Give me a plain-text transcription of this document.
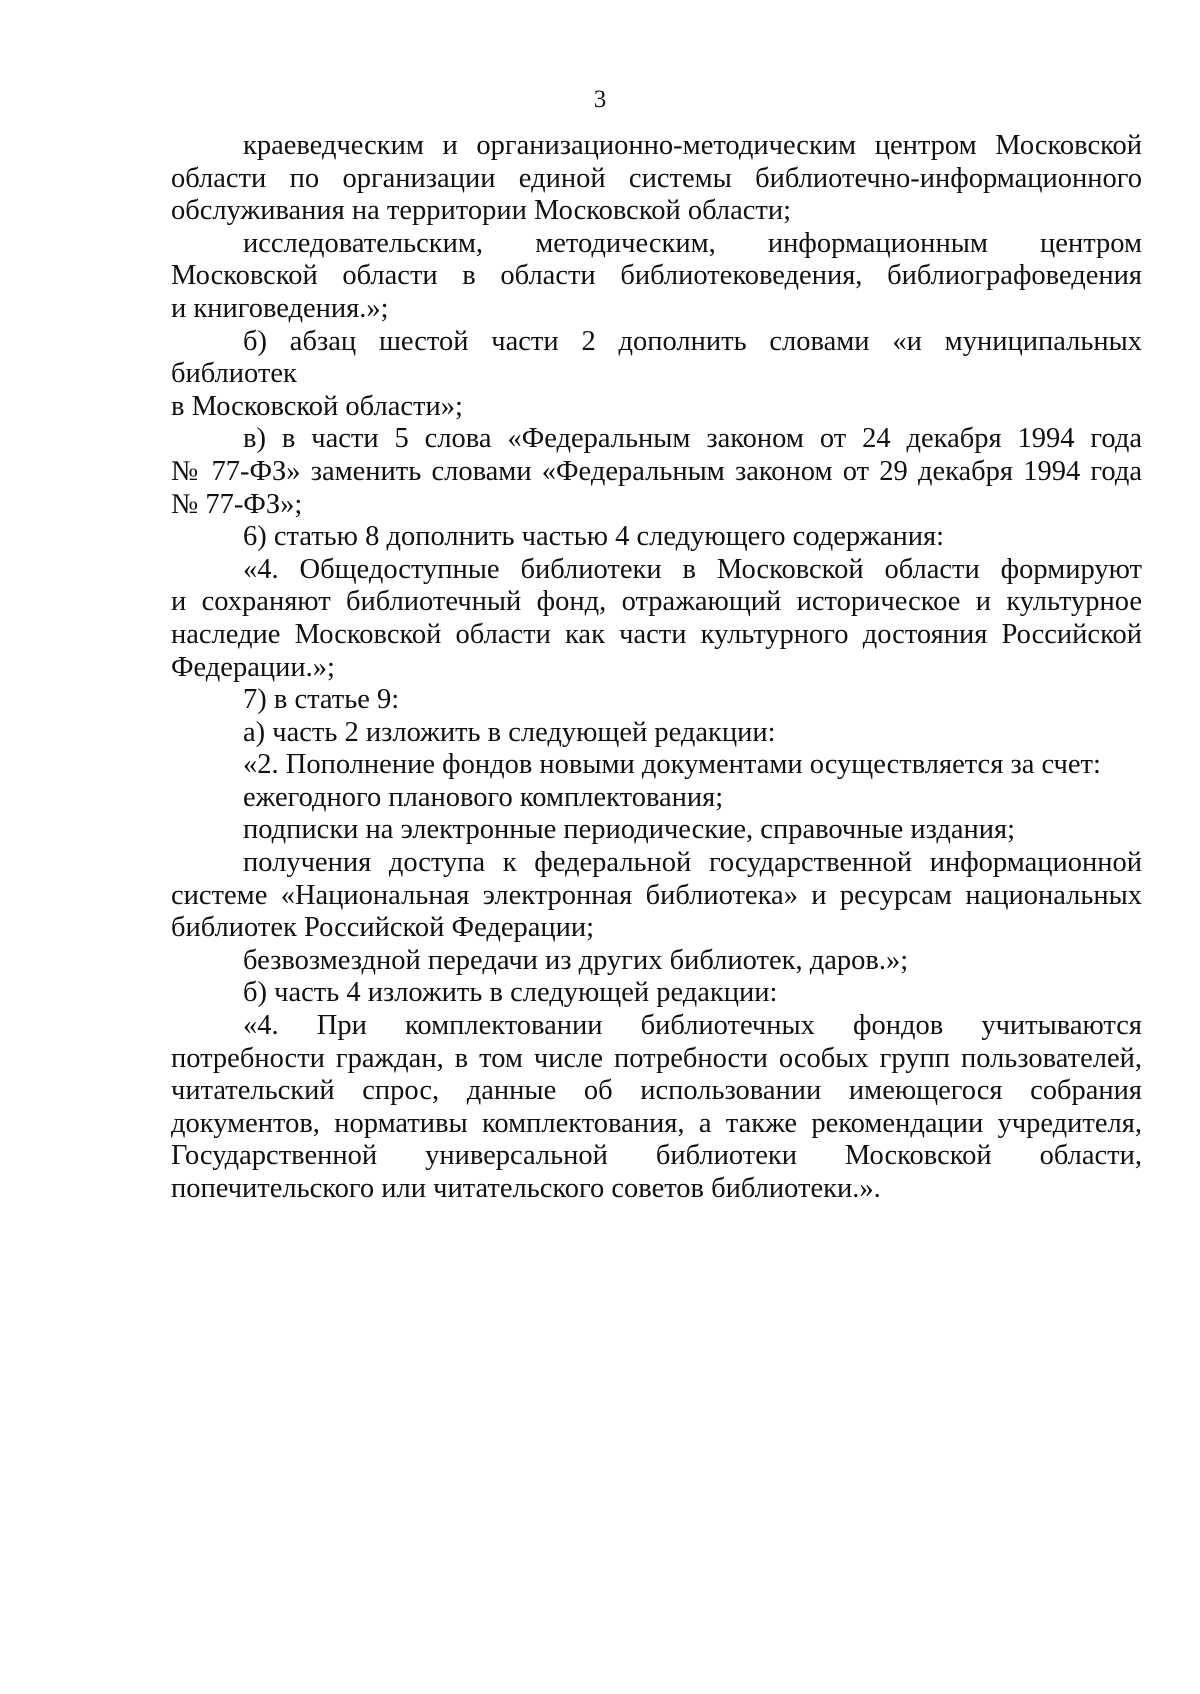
3
краеведческим и организационно-методическим центром Московской
области по организации единой системы библиотечно-информационного
обслуживания на территории Московской области;
исследовательским, методическим, информационным центром
Московской области в области библиотековедения, библиографоведения
и книговедения.»;
б) абзац шестой части 2 дополнить словами «и муниципальных библиотек
в Московской области»;
в) в части 5 слова «Федеральным законом от 24 декабря 1994 года
№ 77-ФЗ» заменить словами «Федеральным законом от 29 декабря 1994 года
№ 77-ФЗ»;
6) статью 8 дополнить частью 4 следующего содержания:
«4. Общедоступные библиотеки в Московской области формируют
и сохраняют библиотечный фонд, отражающий историческое и культурное
наследие Московской области как части культурного достояния Российской
Федерации.»;
7) в статье 9:
а) часть 2 изложить в следующей редакции:
«2. Пополнение фондов новыми документами осуществляется за счет:
ежегодного планового комплектования;
подписки на электронные периодические, справочные издания;
получения доступа к федеральной государственной информационной
системе «Национальная электронная библиотека» и ресурсам национальных
библиотек Российской Федерации;
безвозмездной передачи из других библиотек, даров.»;
б) часть 4 изложить в следующей редакции:
«4. При комплектовании библиотечных фондов учитываются
потребности граждан, в том числе потребности особых групп пользователей,
читательский спрос, данные об использовании имеющегося собрания
документов, нормативы комплектования, а также рекомендации учредителя,
Государственной универсальной библиотеки Московской области,
попечительского или читательского советов библиотеки.».
